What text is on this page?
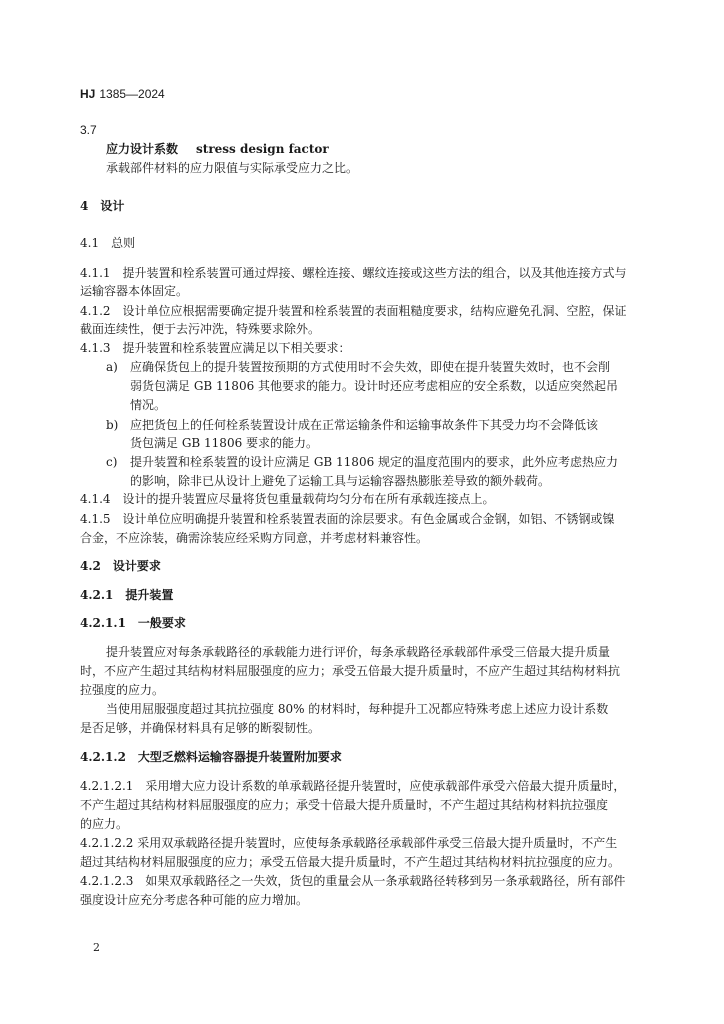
HJ 1385—2024

3.7

应力设计系数 stress design factor

承载部件材料的应力限值与实际承受应力之比。

4　设计

4.1　总则

4.1.1　提升装置和栓系装置可通过焊接、螺栓连接、螺纹连接或这些方法的组合，以及其他连接方式与

运输容器本体固定。

4.1.2　设计单位应根据需要确定提升装置和栓系装置的表面粗糙度要求，结构应避免孔洞、空腔，保证

截面连续性，便于去污冲洗，特殊要求除外。

4.1.3　提升装置和栓系装置应满足以下相关要求：

a) 应确保货包上的提升装置按预期的方式使用时不会失效，即使在提升装置失效时，也不会削

弱货包满足 GB 11806 其他要求的能力。设计时还应考虑相应的安全系数，以适应突然起吊

情况。

b) 应把货包上的任何栓系装置设计成在正常运输条件和运输事故条件下其受力均不会降低该

货包满足 GB 11806 要求的能力。

c) 提升装置和栓系装置的设计应满足 GB 11806 规定的温度范围内的要求，此外应考虑热应力

的影响，除非已从设计上避免了运输工具与运输容器热膨胀差导致的额外载荷。

4.1.4　设计的提升装置应尽量将货包重量载荷均匀分布在所有承载连接点上。

4.1.5　设计单位应明确提升装置和栓系装置表面的涂层要求。有色金属或合金钢，如铝、不锈钢或镍

合金，不应涂装，确需涂装应经采购方同意，并考虑材料兼容性。

4.2　设计要求

4.2.1　提升装置

4.2.1.1　一般要求

提升装置应对每条承载路径的承载能力进行评价，每条承载路径承载部件承受三倍最大提升质量

时，不应产生超过其结构材料屈服强度的应力；承受五倍最大提升质量时，不应产生超过其结构材料抗

拉强度的应力。

当使用屈服强度超过其抗拉强度 80% 的材料时，每种提升工况都应特殊考虑上述应力设计系数

是否足够，并确保材料具有足够的断裂韧性。

4.2.1.2　大型乏燃料运输容器提升装置附加要求

4.2.1.2.1　采用增大应力设计系数的单承载路径提升装置时，应使承载部件承受六倍最大提升质量时，

不产生超过其结构材料屈服强度的应力；承受十倍最大提升质量时，不产生超过其结构材料抗拉强度

的应力。

4.2.1.2.2 采用双承载路径提升装置时，应使每条承载路径承载部件承受三倍最大提升质量时，不产生

超过其结构材料屈服强度的应力；承受五倍最大提升质量时，不产生超过其结构材料抗拉强度的应力。

4.2.1.2.3　如果双承载路径之一失效，货包的重量会从一条承载路径转移到另一条承载路径，所有部件

强度设计应充分考虑各种可能的应力增加。

2
